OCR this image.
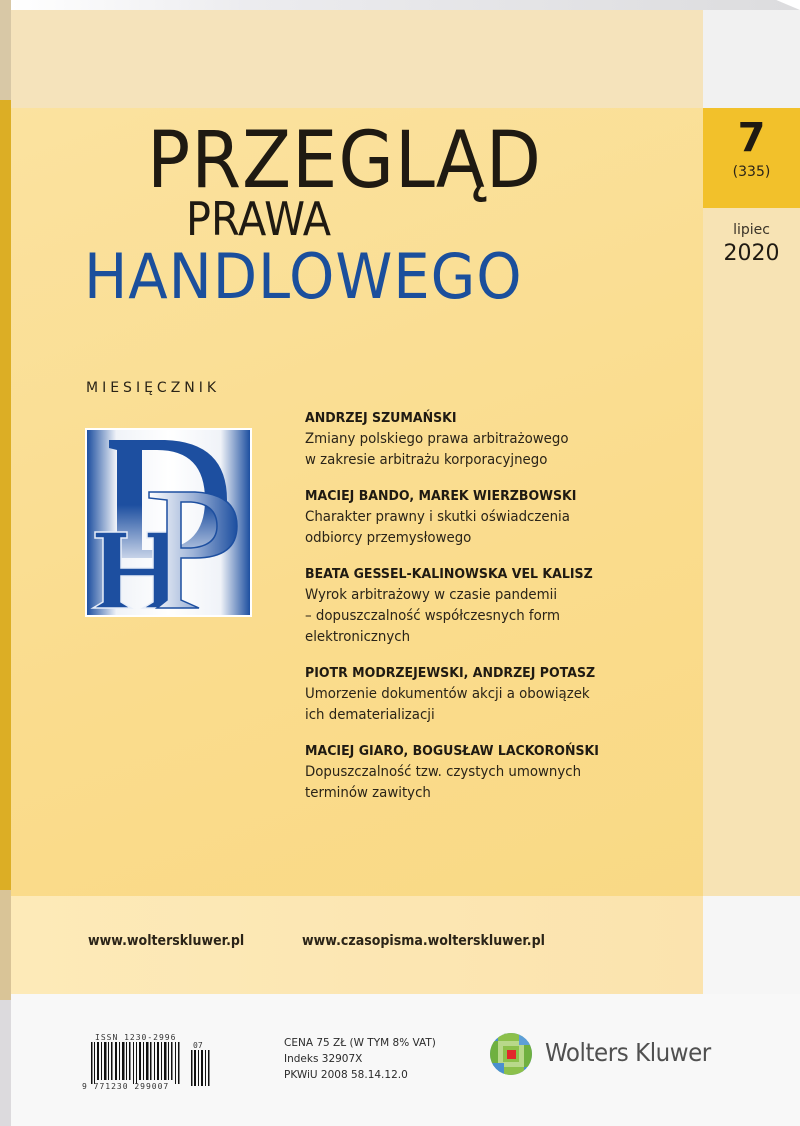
PRZEGLĄD
PRAWA
HANDLOWEGO
7
(335)
lipiec
2020
MIESIĘCZNIK
ANDRZEJ SZUMAŃSKI
Zmiany polskiego prawa arbitrażowego
w zakresie arbitrażu korporacyjnego
MACIEJ BANDO, MAREK WIERZBOWSKI
Charakter prawny i skutki oświadczenia
odbiorcy przemysłowego
BEATA GESSEL-KALINOWSKA VEL KALISZ
Wyrok arbitrażowy w czasie pandemii
– dopuszczalność współczesnych form
elektronicznych
PIOTR MODRZEJEWSKI, ANDRZEJ POTASZ
Umorzenie dokumentów akcji a obowiązek
ich dematerializacji
MACIEJ GIARO, BOGUSŁAW LACKOROŃSKI
Dopuszczalność tzw. czystych umownych
terminów zawitych
www.wolterskluwer.pl	www.czasopisma.wolterskluwer.pl
ISSN 1230-2996
07
9 771230 299007
CENA 75 ZŁ (W TYM 8% VAT)
Indeks 32907X
PKWiU 2008 58.14.12.0
Wolters Kluwer
